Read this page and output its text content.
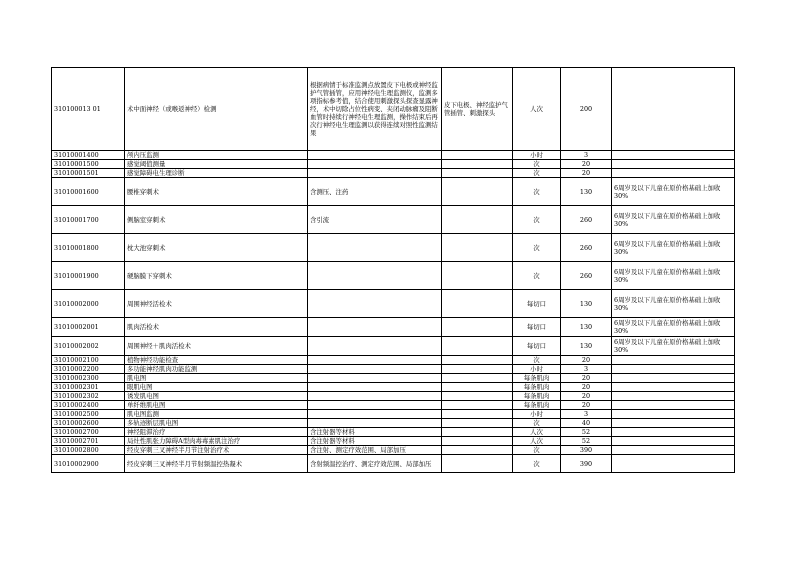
310100013 01	术中面神经（或喉返神经）检测	根据病情于标准监测点放置皮下电极或神经监护气管插管，应用神经电生理监测仪，监测多项指标参考值，结合使用刺激探头探查显露神经，术中切除占位性病变、夹闭动脉瘤及阻断血管时持续行神经电生理监测，操作结束后再次行神经电生理监测以获得连续对照性监测结果	皮下电极、神经监护气管插管、刺激探头	人次	200	
31010001400	颅内压监测			小时	3	
31010001500	感觉阈值测量			次	20	
31010001501	感觉障碍电生理诊断			次	20	
31010001600	腰椎穿刺术	含测压、注药		次	130	6周岁及以下儿童在原价格基础上加收30%
31010001700	侧脑室穿刺术	含引流		次	260	6周岁及以下儿童在原价格基础上加收30%
31010001800	枕大池穿刺术			次	260	6周岁及以下儿童在原价格基础上加收30%
31010001900	硬脑膜下穿刺术			次	260	6周岁及以下儿童在原价格基础上加收30%
31010002000	周围神经活检术			每切口	130	6周岁及以下儿童在原价格基础上加收30%
31010002001	肌肉活检术			每切口	130	6周岁及以下儿童在原价格基础上加收30%
31010002002	周围神经＋肌肉活检术			每切口	130	6周岁及以下儿童在原价格基础上加收30%
31010002100	植物神经功能检查			次	20	
31010002200	多功能神经肌肉功能监测			小时	3	
31010002300	肌电图			每条肌肉	20	
31010002301	眼肌电图			每条肌肉	20	
31010002302	诱发肌电图			每条肌肉	20	
31010002400	单纤维肌电图			每条肌肉	20	
31010002500	肌电图监测			小时	3	
31010002600	多轨迹断层肌电图			次	40	
31010002700	神经阻滞治疗	含注射器等材料		人次	52	
31010002701	局灶性肌张力障碍A型肉毒毒素肌注治疗	含注射器等材料		人次	52	
31010002800	经皮穿刺三叉神经半月节注射治疗术	含注射、测定疗效范围、局部加压		次	390	
31010002900	经皮穿刺三叉神经半月节射频温控热凝术	含射频温控治疗、测定疗效范围、局部加压		次	390	
